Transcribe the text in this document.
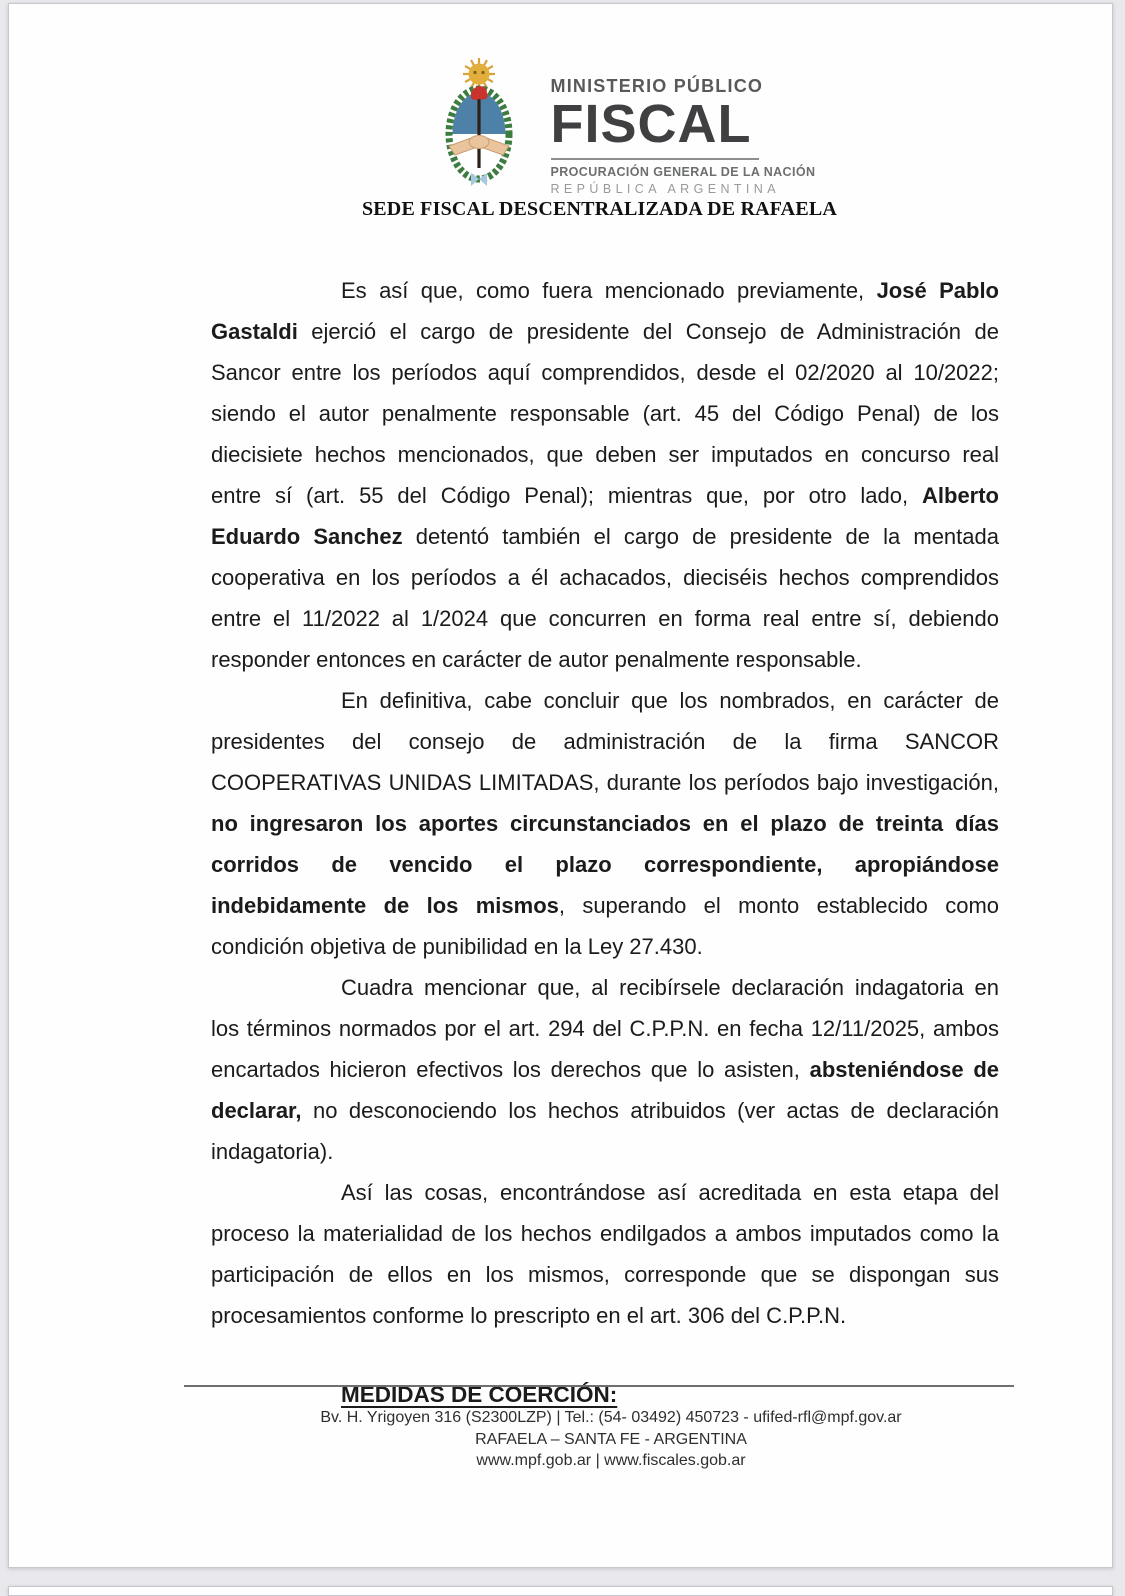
MINISTERIO PÚBLICO
FISCAL
PROCURACIÓN GENERAL DE LA NACIÓN
REPÚBLICA ARGENTINA
SEDE FISCAL DESCENTRALIZADA DE RAFAELA

Es así que, como fuera mencionado previamente, José Pablo Gastaldi ejerció el cargo de presidente del Consejo de Administración de Sancor entre los períodos aquí comprendidos, desde el 02/2020 al 10/2022; siendo el autor penalmente responsable (art. 45 del Código Penal) de los diecisiete hechos mencionados, que deben ser imputados en concurso real entre sí (art. 55 del Código Penal); mientras que, por otro lado, Alberto Eduardo Sanchez detentó también el cargo de presidente de la mentada cooperativa en los períodos a él achacados, dieciséis hechos comprendidos entre el 11/2022 al 1/2024 que concurren en forma real entre sí, debiendo responder entonces en carácter de autor penalmente responsable.

En definitiva, cabe concluir que los nombrados, en carácter de presidentes del consejo de administración de la firma SANCOR COOPERATIVAS UNIDAS LIMITADAS, durante los períodos bajo investigación, no ingresaron los aportes circunstanciados en el plazo de treinta días corridos de vencido el plazo correspondiente, apropiándose indebidamente de los mismos, superando el monto establecido como condición objetiva de punibilidad en la Ley 27.430.

Cuadra mencionar que, al recibírsele declaración indagatoria en los términos normados por el art. 294 del C.P.P.N. en fecha 12/11/2025, ambos encartados hicieron efectivos los derechos que lo asisten, absteniéndose de declarar, no desconociendo los hechos atribuidos (ver actas de declaración indagatoria).

Así las cosas, encontrándose así acreditada en esta etapa del proceso la materialidad de los hechos endilgados a ambos imputados como la participación de ellos en los mismos, corresponde que se dispongan sus procesamientos conforme lo prescripto en el art. 306 del C.P.P.N.

MEDIDAS DE COERCIÓN:
Bv. H. Yrigoyen 316 (S2300LZP) | Tel.: (54- 03492) 450723 - ufifed-rfl@mpf.gov.ar
RAFAELA – SANTA FE - ARGENTINA
www.mpf.gob.ar | www.fiscales.gob.ar
